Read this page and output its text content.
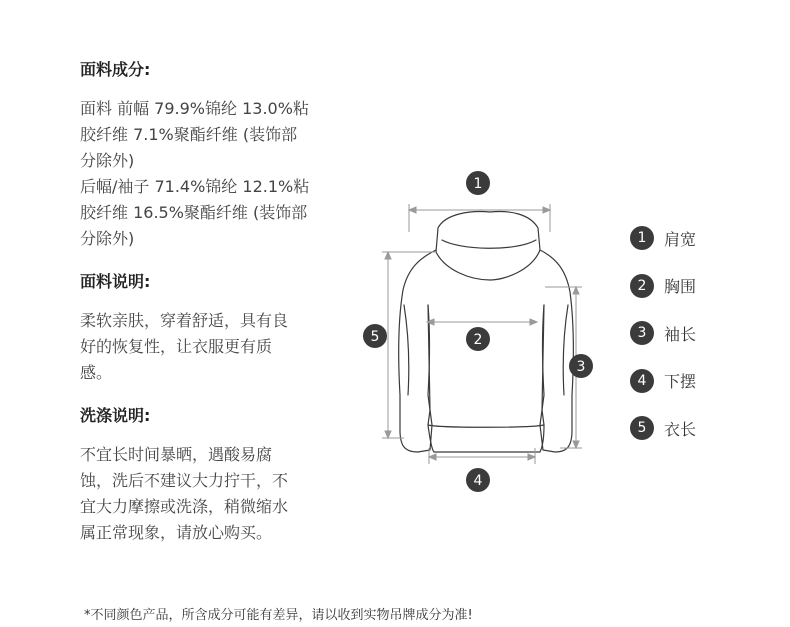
面料成分:
面料 前幅 79.9%锦纶 13.0%粘
胶纤维 7.1%聚酯纤维 (装饰部
分除外)
后幅/袖子 71.4%锦纶 12.1%粘
胶纤维 16.5%聚酯纤维 (装饰部
分除外)
面料说明:
柔软亲肤，穿着舒适，具有良
好的恢复性，让衣服更有质
感。
洗涤说明:
不宜长时间暴晒，遇酸易腐
蚀，洗后不建议大力拧干，不
宜大力摩擦或洗涤，稍微缩水
属正常现象，请放心购买。
1
2
3
4
5
1	肩宽
2	胸围
3	袖长
4	下摆
5	衣长
*不同颜色产品，所含成分可能有差异，请以收到实物吊牌成分为准!
